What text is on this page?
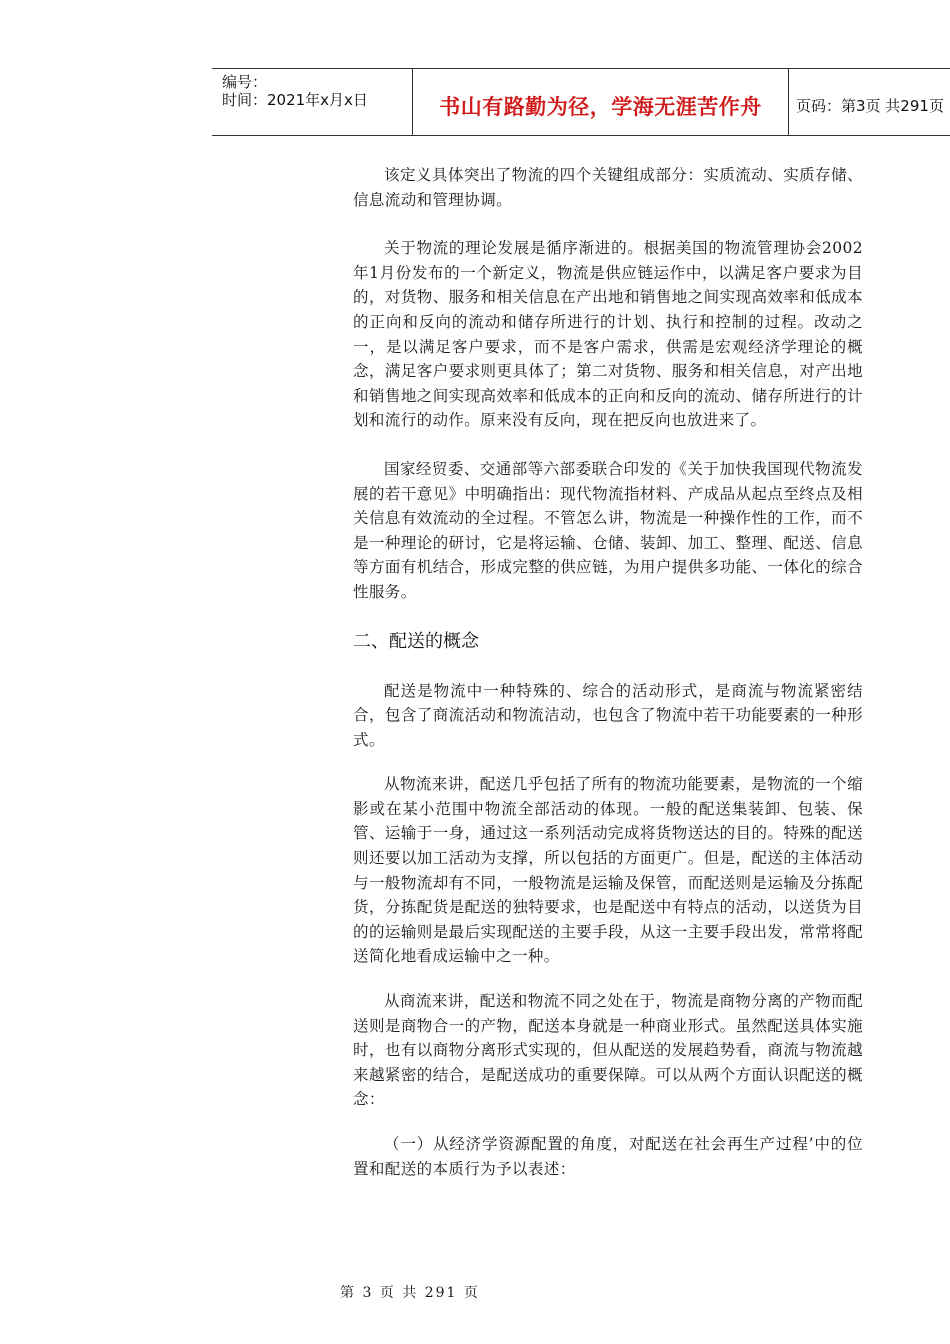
编号：
时间：2021年x月x日	书山有路勤为径，学海无涯苦作舟	页码：第3页 共291页

该定义具体突出了物流的四个关键组成部分：实质流动、实质存储、信息流动和管理协调。

关于物流的理论发展是循序渐进的。根据美国的物流管理协会2002年1月份发布的一个新定义，物流是供应链运作中，以满足客户要求为目的，对货物、服务和相关信息在产出地和销售地之间实现高效率和低成本的正向和反向的流动和储存所进行的计划、执行和控制的过程。改动之一，是以满足客户要求，而不是客户需求，供需是宏观经济学理论的概念，满足客户要求则更具体了；第二对货物、服务和相关信息，对产出地和销售地之间实现高效率和低成本的正向和反向的流动、储存所进行的计划和流行的动作。原来没有反向，现在把反向也放进来了。

国家经贸委、交通部等六部委联合印发的《关于加快我国现代物流发展的若干意见》中明确指出：现代物流指材料、产成品从起点至终点及相关信息有效流动的全过程。不管怎么讲，物流是一种操作性的工作，而不是一种理论的研讨，它是将运输、仓储、装卸、加工、整理、配送、信息等方面有机结合，形成完整的供应链，为用户提供多功能、一体化的综合性服务。

二、配送的概念

配送是物流中一种特殊的、综合的活动形式，是商流与物流紧密结合，包含了商流活动和物流洁动，也包含了物流中若干功能要素的一种形式。

从物流来讲，配送几乎包括了所有的物流功能要素，是物流的一个缩影或在某小范围中物流全部活动的体现。一般的配送集装卸、包装、保管、运输于一身，通过这一系列活动完成将货物送达的目的。特殊的配送则还要以加工活动为支撑，所以包括的方面更广。但是，配送的主体活动与一般物流却有不同，一般物流是运输及保管，而配送则是运输及分拣配货，分拣配货是配送的独特要求，也是配送中有特点的活动，以送货为目的的运输则是最后实现配送的主要手段，从这一主要手段出发，常常将配送简化地看成运输中之一种。

从商流来讲，配送和物流不同之处在于，物流是商物分离的产物而配送则是商物合一的产物，配送本身就是一种商业形式。虽然配送具体实施时，也有以商物分离形式实现的，但从配送的发展趋势看，商流与物流越来越紧密的结合，是配送成功的重要保障。可以从两个方面认识配送的概念：

（一）从经济学资源配置的角度，对配送在社会再生产过程’中的位置和配送的本质行为予以表述：

第 3 页 共 291 页
